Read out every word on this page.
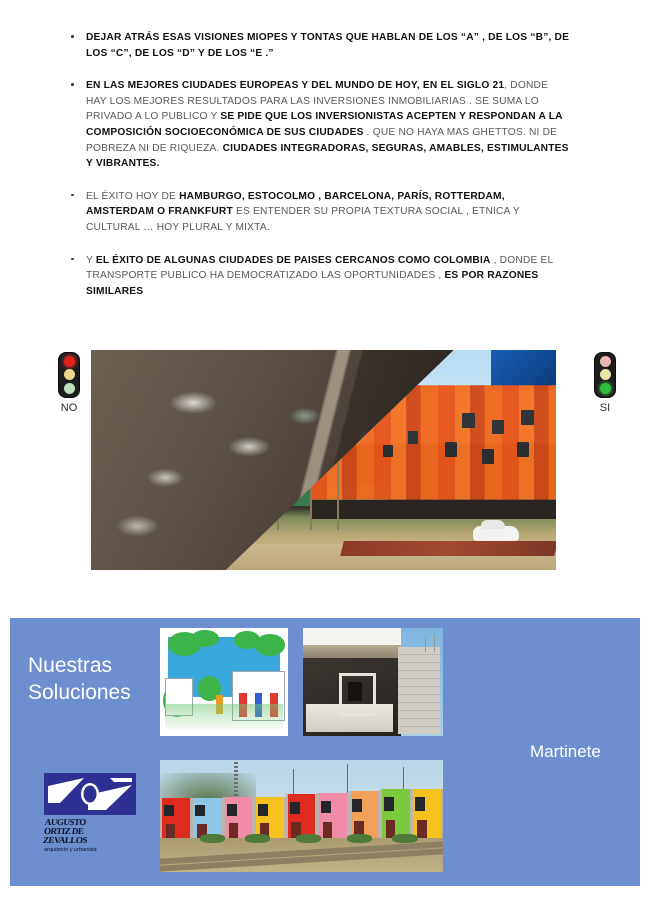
DEJAR ATRÁS ESAS VISIONES MIOPES Y TONTAS QUE HABLAN DE LOS “A” , DE LOS “B”, DE LOS “C”, DE LOS “D” Y DE LOS “E .”
EN LAS MEJORES CIUDADES EUROPEAS Y DEL MUNDO DE HOY, EN EL SIGLO 21, DONDE HAY LOS MEJORES RESULTADOS PARA LAS INVERSIONES INMOBILIARIAS . SE SUMA LO PRIVADO A LO PUBLICO Y SE PIDE QUE LOS INVERSIONISTAS ACEPTEN Y RESPONDAN A LA COMPOSICIÓN SOCIOECONÓMICA DE SUS CIUDADES . QUE NO HAYA MAS GHETTOS. NI DE POBREZA NI DE RIQUEZA. CIUDADES INTEGRADORAS, SEGURAS, AMABLES, ESTIMULANTES Y VIBRANTES.
EL ÉXITO HOY DE HAMBURGO, ESTOCOLMO , BARCELONA, PARÍS, ROTTERDAM, AMSTERDAM O FRANKFURT ES ENTENDER SU PROPIA TEXTURA SOCIAL , ETNICA Y CULTURAL … HOY PLURAL Y MIXTA.
Y EL ÉXITO DE ALGUNAS CIUDADES DE PAISES CERCANOS COMO COLOMBIA , DONDE EL TRANSPORTE PUBLICO HA DEMOCRATIZADO LAS OPORTUNIDADES , ES POR RAZONES SIMILARES
NO	SI
Nuestras
Soluciones
Martinete
AUGUSTO
ORTIZ DE
ZEVALLOS
arquitecto y urbanista
